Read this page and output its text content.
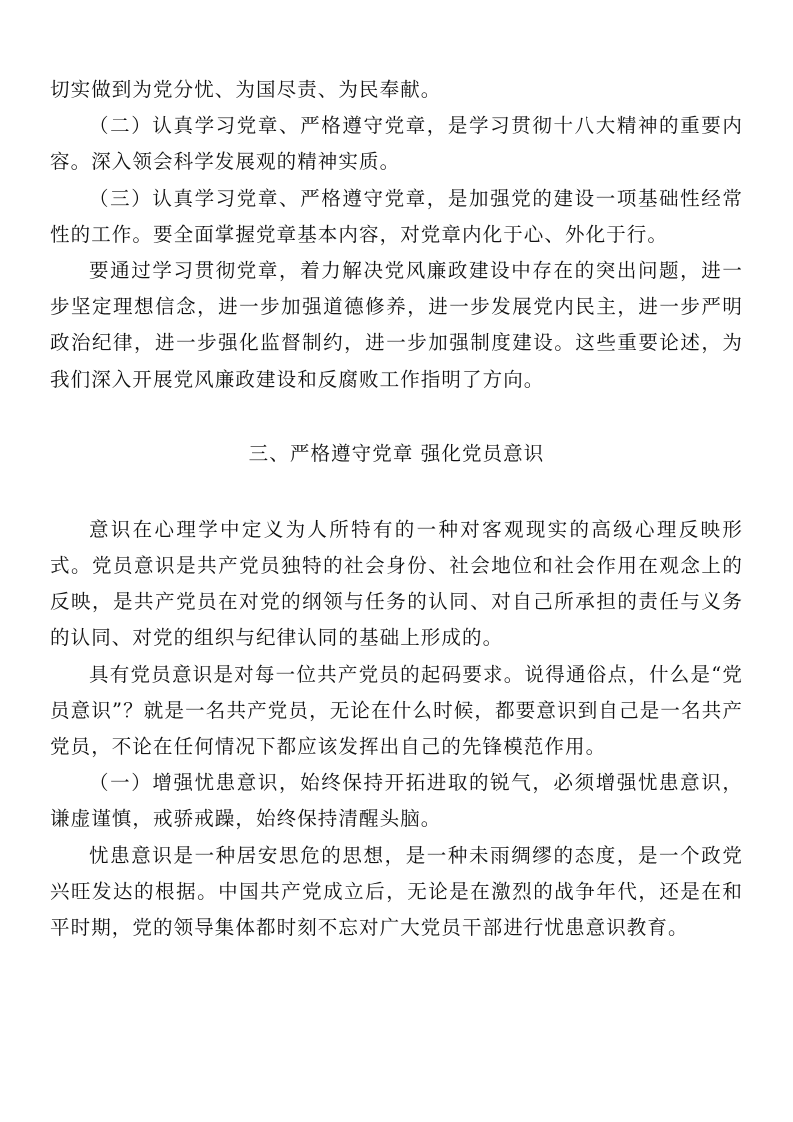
切实做到为党分忧、为国尽责、为民奉献。

（二）认真学习党章、严格遵守党章，是学习贯彻十八大精神的重要内容。深入领会科学发展观的精神实质。

（三）认真学习党章、严格遵守党章，是加强党的建设一项基础性经常性的工作。要全面掌握党章基本内容，对党章内化于心、外化于行。

要通过学习贯彻党章，着力解决党风廉政建设中存在的突出问题，进一步坚定理想信念，进一步加强道德修养，进一步发展党内民主，进一步严明政治纪律，进一步强化监督制约，进一步加强制度建设。这些重要论述，为我们深入开展党风廉政建设和反腐败工作指明了方向。

三、严格遵守党章 强化党员意识

意识在心理学中定义为人所特有的一种对客观现实的高级心理反映形式。党员意识是共产党员独特的社会身份、社会地位和社会作用在观念上的反映，是共产党员在对党的纲领与任务的认同、对自己所承担的责任与义务的认同、对党的组织与纪律认同的基础上形成的。

具有党员意识是对每一位共产党员的起码要求。说得通俗点，什么是“党员意识”？就是一名共产党员，无论在什么时候，都要意识到自己是一名共产党员，不论在任何情况下都应该发挥出自己的先锋模范作用。

（一）增强忧患意识，始终保持开拓进取的锐气，必须增强忧患意识，谦虚谨慎，戒骄戒躁，始终保持清醒头脑。

忧患意识是一种居安思危的思想，是一种未雨绸缪的态度，是一个政党兴旺发达的根据。中国共产党成立后，无论是在激烈的战争年代，还是在和平时期，党的领导集体都时刻不忘对广大党员干部进行忧患意识教育。
